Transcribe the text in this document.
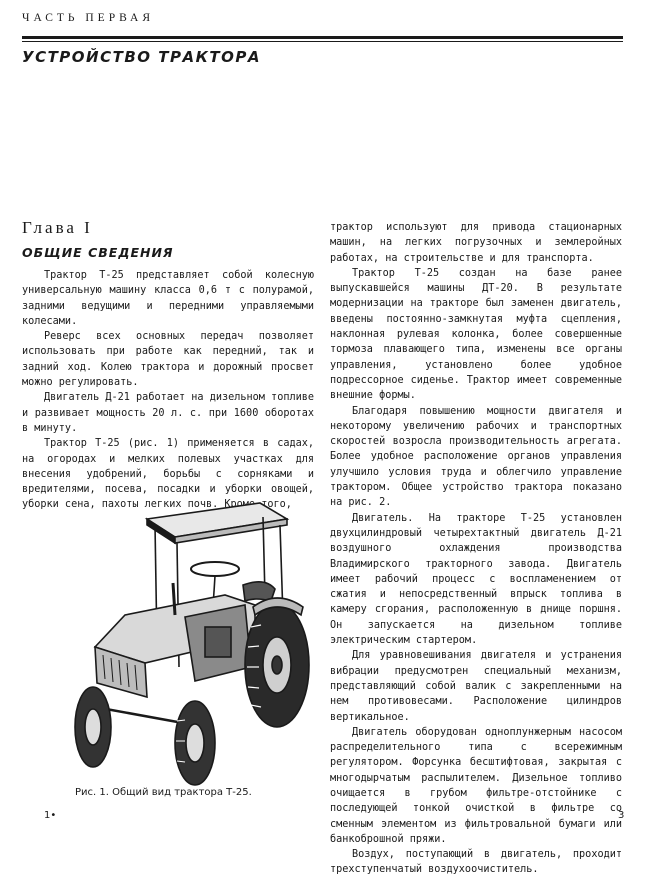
ЧАСТЬ ПЕРВАЯ
УСТРОЙСТВО ТРАКТОРА
Глава I
ОБЩИЕ СВЕДЕНИЯ

Трактор Т-25 представляет собой колесную универсальную машину класса 0,6 т с полурамой, задними ведущими и передними управляемыми колесами.

Реверс всех основных передач позволяет использовать при работе как передний, так и задний ход. Колею трактора и дорожный просвет можно регулировать.

Двигатель Д-21 работает на дизельном топливе и развивает мощность 20 л. с. при 1600 оборотах в минуту.

Трактор Т-25 (рис. 1) применяется в садах, на огородах и мелких полевых участках для внесения удобрений, борьбы с сорняками и вредителями, посева, посадки и уборки овощей, уборки сена, пахоты легких почв. Кроме того,

Рис. 1. Общий вид трактора Т-25.

трактор используют для привода стационарных машин, на легких погрузочных и землеройных работах, на строительстве и для транспорта.

Трактор Т-25 создан на базе ранее выпускавшейся машины ДТ-20. В результате модернизации на тракторе был заменен двигатель, введены постоянно-замкнутая муфта сцепления, наклонная рулевая колонка, более совершенные тормоза плавающего типа, изменены все органы управления, установлено более удобное подрессорное сиденье. Трактор имеет современные внешние формы.

Благодаря повышению мощности двигателя и некоторому увеличению рабочих и транспортных скоростей возросла производительность агрегата. Более удобное расположение органов управления улучшило условия труда и облегчило управление трактором. Общее устройство трактора показано на рис. 2.

Двигатель. На тракторе Т-25 установлен двухцилиндровый четырехтактный двигатель Д-21 воздушного охлаждения производства Владимирского тракторного завода. Двигатель имеет рабочий процесс с воспламенением от сжатия и непосредственный впрыск топлива в камеру сгорания, расположенную в днище поршня. Он запускается на дизельном топливе электрическим стартером.

Для уравновешивания двигателя и устранения вибрации предусмотрен специальный механизм, представляющий собой валик с закрепленными на нем противовесами. Расположение цилиндров вертикальное.

Двигатель оборудован одноплунжерным насосом распределительного типа с всережимным регулятором. Форсунка бесштифтовая, закрытая с многодырчатым распылителем. Дизельное топливо очищается в грубом фильтре-отстойнике с последующей тонкой очисткой в фильтре со сменным элементом из фильтровальной бумаги или банкоброшной пряжи.

Воздух, поступающий в двигатель, проходит трехступенчатый воздухоочиститель.

1•	3
